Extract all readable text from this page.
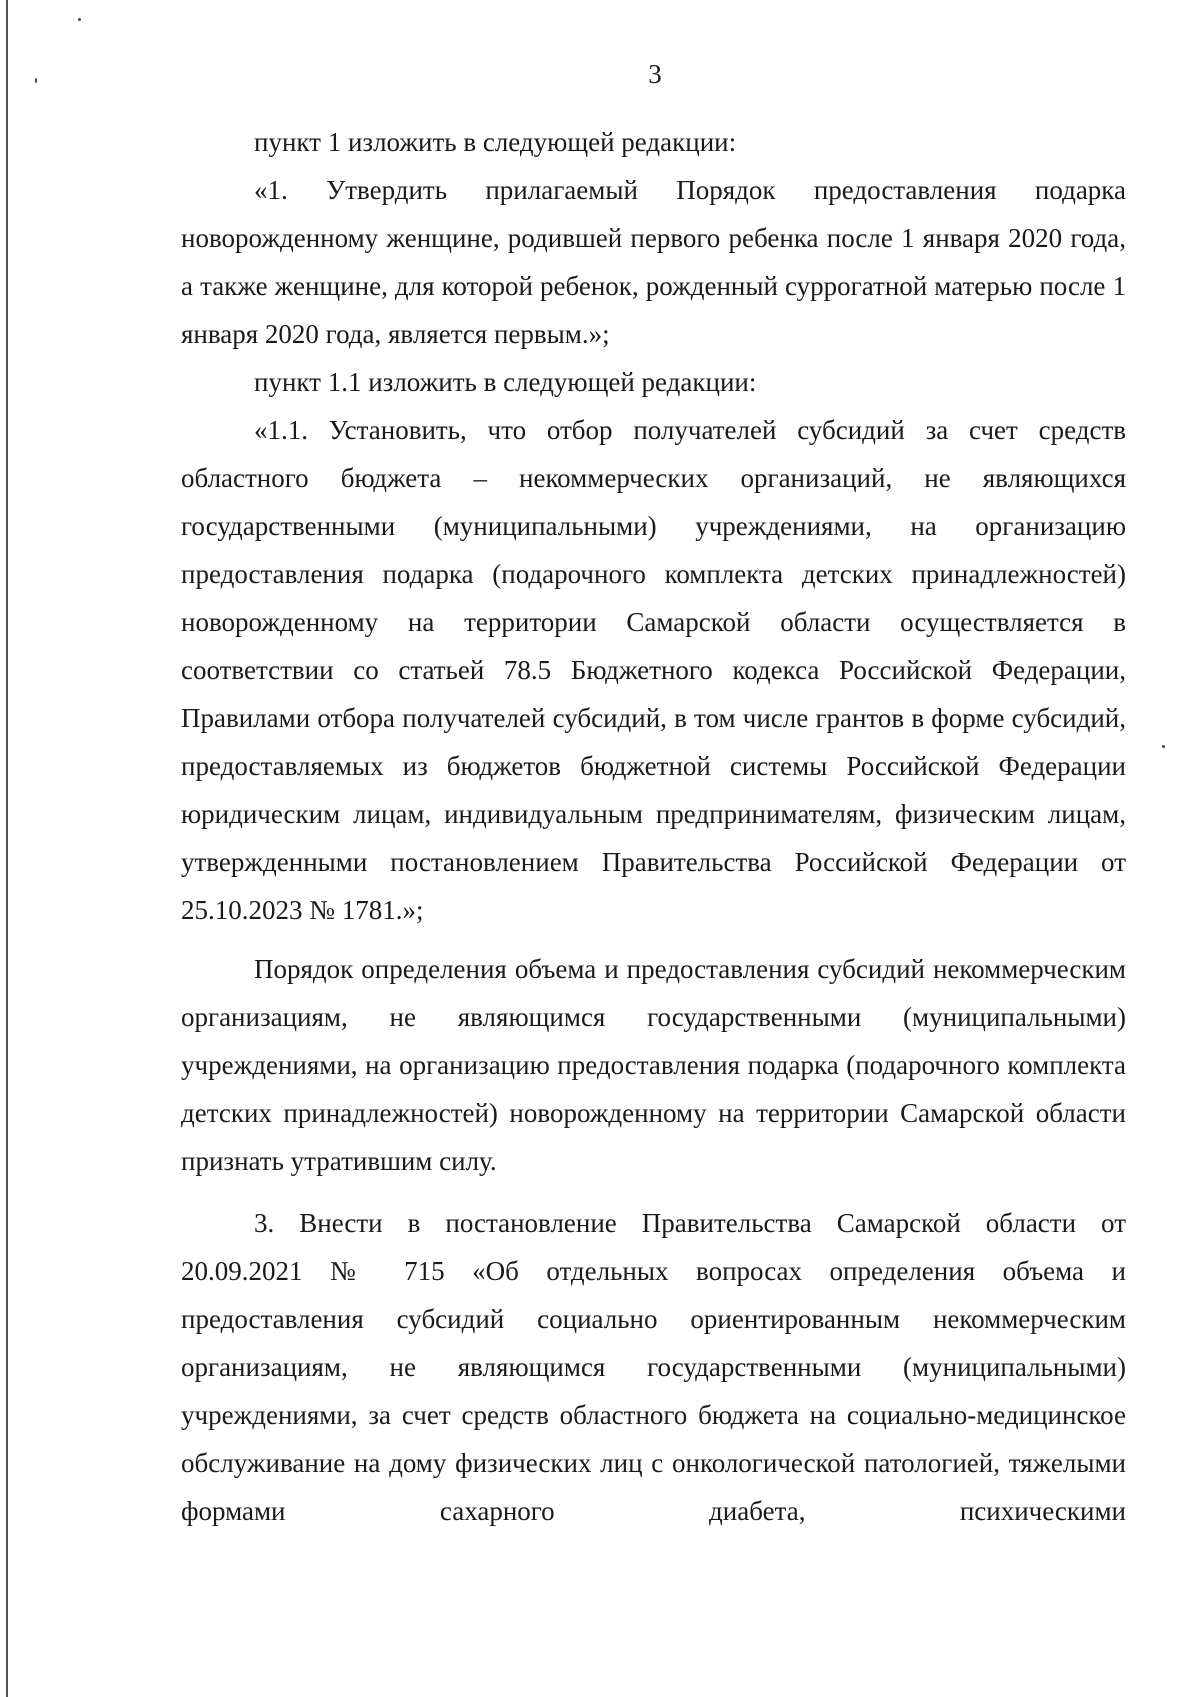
3

пункт 1 изложить в следующей редакции:

«1. Утвердить прилагаемый Порядок предоставления подарка новорожденному женщине, родившей первого ребенка после 1 января 2020 года, а также женщине, для которой ребенок, рожденный суррогатной матерью после 1 января 2020 года, является первым.»;

пункт 1.1 изложить в следующей редакции:

«1.1. Установить, что отбор получателей субсидий за счет средств областного бюджета – некоммерческих организаций, не являющихся государственными (муниципальными) учреждениями, на организацию предоставления подарка (подарочного комплекта детских принадлежностей) новорожденному на территории Самарской области осуществляется в соответствии со статьей 78.5 Бюджетного кодекса Российской Федерации, Правилами отбора получателей субсидий, в том числе грантов в форме субсидий, предоставляемых из бюджетов бюджетной системы Российской Федерации юридическим лицам, индивидуальным предпринимателям, физическим лицам, утвержденными постановлением Правительства Российской Федерации от 25.10.2023 № 1781.»;

Порядок определения объема и предоставления субсидий некоммерческим организациям, не являющимся государственными (муниципальными) учреждениями, на организацию предоставления подарка (подарочного комплекта детских принадлежностей) новорожденному на территории Самарской области признать утратившим силу.

3. Внести в постановление Правительства Самарской области от 20.09.2021 № 715 «Об отдельных вопросах определения объема и предоставления субсидий социально ориентированным некоммерческим организациям, не являющимся государственными (муниципальными) учреждениями, за счет средств областного бюджета на социально-медицинское обслуживание на дому физических лиц с онкологической патологией, тяжелыми формами сахарного диабета, психическими
